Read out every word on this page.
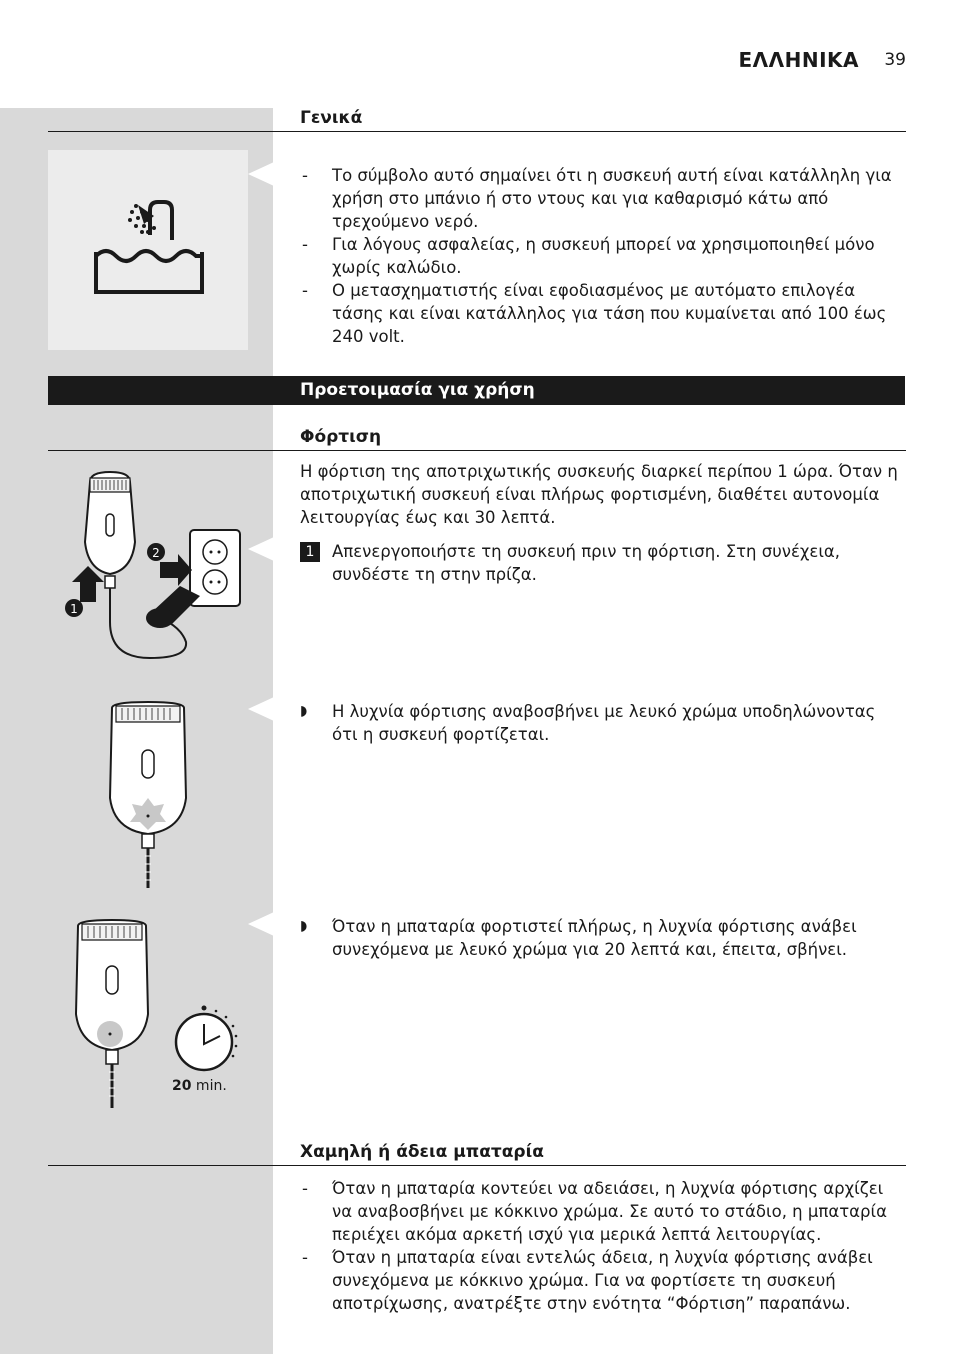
ΕΛΛΗΝΙΚΑ 39
Γενικά
- Το σύμβολο αυτό σημαίνει ότι η συσκευή αυτή είναι κατάλληλη για χρήση στο μπάνιο ή στο ντους και για καθαρισμό κάτω από τρεχούμενο νερό.
- Για λόγους ασφαλείας, η συσκευή μπορεί να χρησιμοποιηθεί μόνο χωρίς καλώδιο.
- Ο μετασχηματιστής είναι εφοδιασμένος με αυτόματο επιλογέα τάσης και είναι κατάλληλος για τάση που κυμαίνεται από 100 έως 240 volt.
Προετοιμασία για χρήση
Φόρτιση

Η φόρτιση της αποτριχωτικής συσκευής διαρκεί περίπου 1 ώρα. Όταν η αποτριχωτική συσκευή είναι πλήρως φορτισμένη, διαθέτει αυτονομία λειτουργίας έως και 30 λεπτά.

1
2	1	Απενεργοποιήστε τη συσκευή πριν τη φόρτιση. Στη συνέχεια, συνδέστε τη στην πρίζα.
◗ Η λυχνία φόρτισης αναβοσβήνει με λευκό χρώμα υποδηλώνοντας ότι η συσκευή φορτίζεται.
20 min.
◗ Όταν η μπαταρία φορτιστεί πλήρως, η λυχνία φόρτισης ανάβει συνεχόμενα με λευκό χρώμα για 20 λεπτά και, έπειτα, σβήνει.
Χαμηλή ή άδεια μπαταρία
- Όταν η μπαταρία κοντεύει να αδειάσει, η λυχνία φόρτισης αρχίζει να αναβοσβήνει με κόκκινο χρώμα. Σε αυτό το στάδιο, η μπαταρία περιέχει ακόμα αρκετή ισχύ για μερικά λεπτά λειτουργίας.
- Όταν η μπαταρία είναι εντελώς άδεια, η λυχνία φόρτισης ανάβει συνεχόμενα με κόκκινο χρώμα. Για να φορτίσετε τη συσκευή αποτρίχωσης, ανατρέξτε στην ενότητα “Φόρτιση” παραπάνω.
